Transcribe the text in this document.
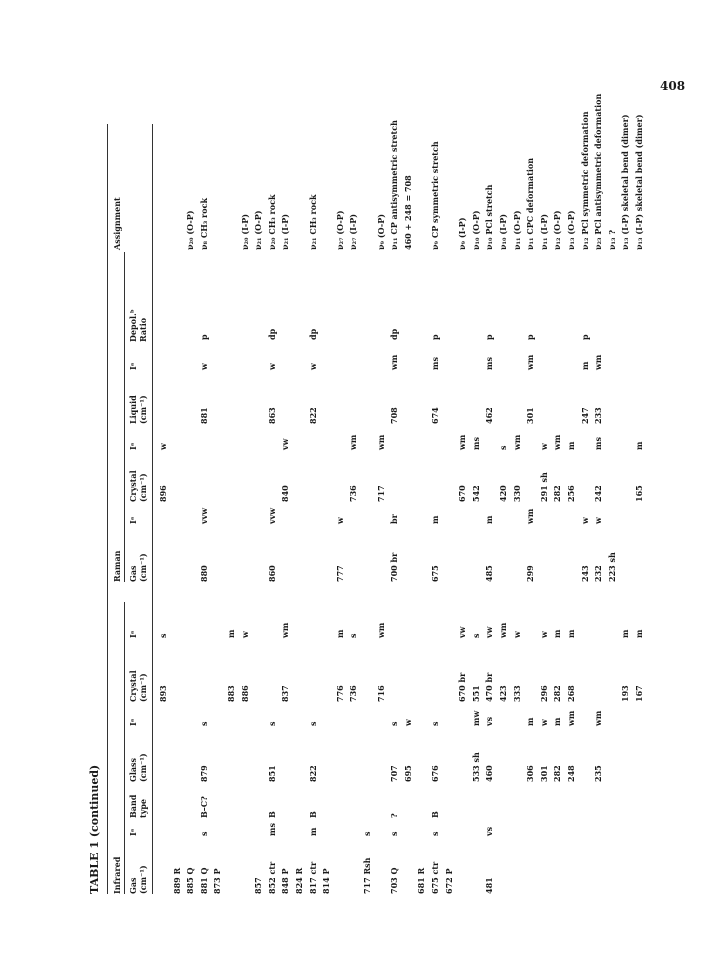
408
TABLE 1 (continued) Infrared
Raman
Assignment
Gas (cm⁻¹)
Iᵃ
Band type
Glass (cm⁻¹)
Iᵃ
Crystal (cm⁻¹)
Iᵃ
Gas (cm⁻¹)
Iᵃ
Crystal (cm⁻¹)
Iᵃ
Liquid (cm⁻¹)
Iᵃ
Depol.ᵇ Ratio
893
s
896
w
889 R 885 Q
ν₂₀ (O-P)
881 Q
s
B–C?
879
s
880
vvw
881
w
p
ν₈ CH₃ rock
873 P
883
m
886
w
ν₂₀ (I-P)
857
ν₂₁ (O-P)
852 ctr
ms
B
851
s
860
vvw
863
w
dp
ν₂₀ CH₃ rock
848 P
837
wm
840
vw
ν₂₁ (I-P)
824 R 817 ctr
m
B
822
s
822
w
dp
ν₂₁ CH₃ rock
814 P
776
m
777
w
ν₂₇ (O-P)
736
s
736
wm
ν₂₇ (I-P)
717 Rsh
s
716
wm
717
wm
ν₉ (O-P)
703 Q
s
?
707
s
700 br
br
708
wm
dp
ν₁₁ CP antisymmetric stretch
695
w
460 + 248 = 708
681 R 675 ctr
s
B
676
s
675
m
674
ms
p
ν₉ CP symmetric stretch
672 P
670 br
vw
670
wm
ν₉ (I-P)
533 sh
mw
551
s
542
ms
ν₁₀ (O-P)
481
vs
460
vs
470 br
vw
485
m
462
ms
p
ν₁₀ PCl stretch
423
wm
420
s
ν₁₀ (I-P)
333
w
330
wm
ν₁₁ (O-P)
306
m
299
wm
301
wm
p
ν₁₁ CPC deformation
301
w
296
w
291 sh
w
ν₁₁ (I-P)
282
m
282
m
282
wm
ν₁₂ (O-P)
248
wm
268
m
256
m
ν₁₃ (O-P)
243
w
247
m
p
ν₁₂ PCl symmetric deformation
235
wm
232
w
242
ms
233
wm
ν₂₃ PCl antisymmetric deformation
223 sh
ν₁₃ ?
193
m
ν₁₃ (I-P) skeletal bend (dimer)
167
m
165
m
ν₁₃ (I-P) skeletal bend (dimer)
